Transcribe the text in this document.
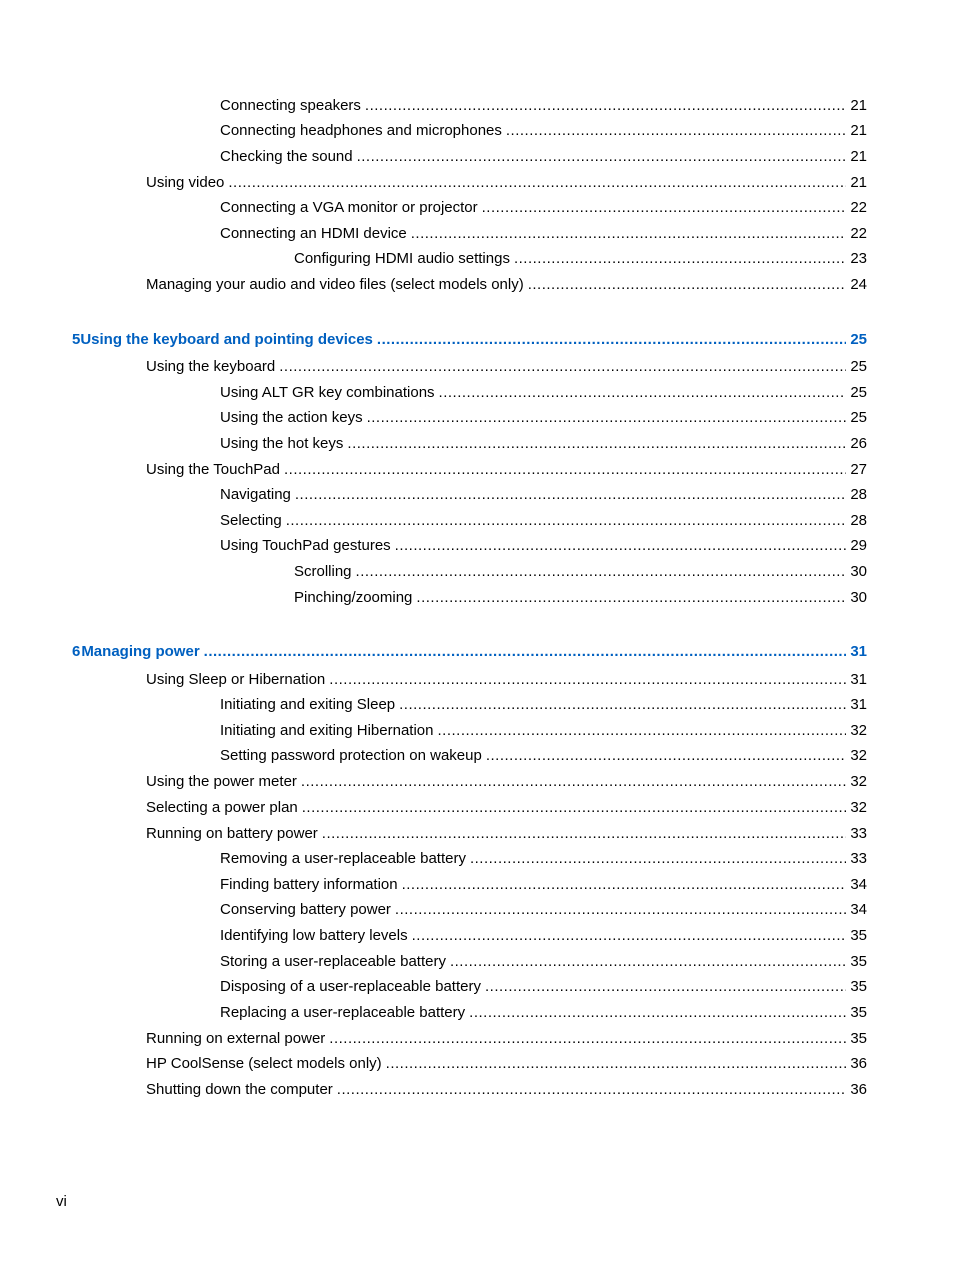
Connecting speakers .....	21
Connecting headphones and microphones .....	21
Checking the sound .....	21
Using video .....	21
Connecting a VGA monitor or projector .....	22
Connecting an HDMI device .....	22
Configuring HDMI audio settings .....	23
Managing your audio and video files (select models only) .....	24
5 Using the keyboard and pointing devices .....	25
Using the keyboard .....	25
Using ALT GR key combinations .....	25
Using the action keys .....	25
Using the hot keys .....	26
Using the TouchPad .....	27
Navigating .....	28
Selecting .....	28
Using TouchPad gestures .....	29
Scrolling .....	30
Pinching/zooming .....	30
6 Managing power .....	31
Using Sleep or Hibernation .....	31
Initiating and exiting Sleep .....	31
Initiating and exiting Hibernation .....	32
Setting password protection on wakeup .....	32
Using the power meter .....	32
Selecting a power plan .....	32
Running on battery power .....	33
Removing a user-replaceable battery .....	33
Finding battery information .....	34
Conserving battery power .....	34
Identifying low battery levels .....	35
Storing a user-replaceable battery .....	35
Disposing of a user-replaceable battery .....	35
Replacing a user-replaceable battery .....	35
Running on external power .....	35
HP CoolSense (select models only) .....	36
Shutting down the computer .....	36
vi
